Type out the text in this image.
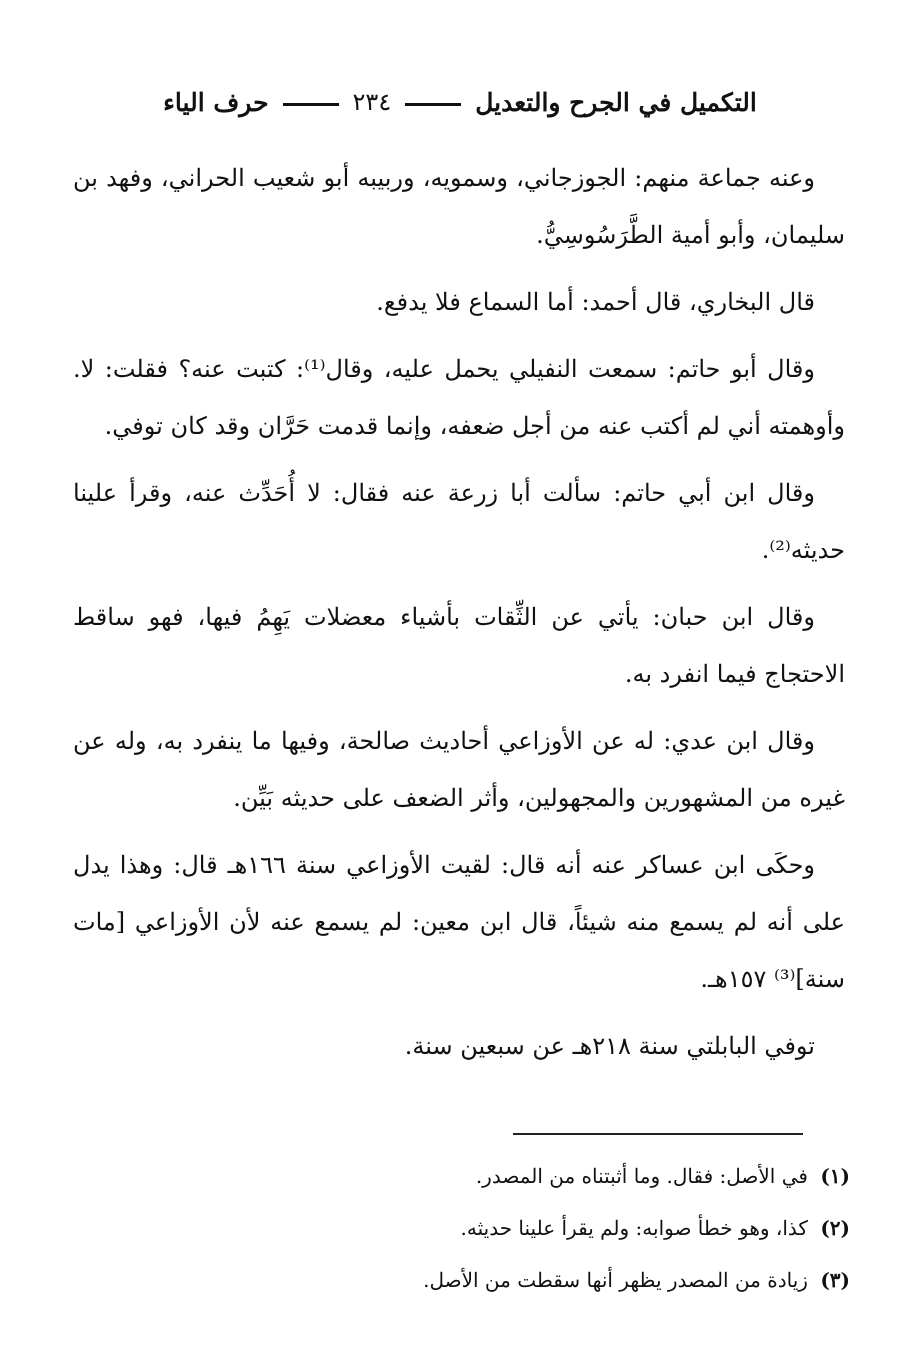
التكميل في الجرح والتعديل
٢٣٤
حرف الياء

وعنه جماعة منهم: الجوزجاني، وسمويه، وربيبه أبو شعيب الحراني، وفهد بن سليمان، وأبو أمية الطَّرَسُوسِيُّ.

قال البخاري، قال أحمد: أما السماع فلا يدفع.

وقال أبو حاتم: سمعت النفيلي يحمل عليه، وقال⁽¹⁾: كتبت عنه؟ فقلت: لا. وأوهمته أني لم أكتب عنه من أجل ضعفه، وإنما قدمت حَرَّان وقد كان توفي.

وقال ابن أبي حاتم: سألت أبا زرعة عنه فقال: لا أُحَدِّث عنه، وقرأ علينا حديثه⁽²⁾.

وقال ابن حبان: يأتي عن الثِّقات بأشياء معضلات يَهِمُ فيها، فهو ساقط الاحتجاج فيما انفرد به.

وقال ابن عدي: له عن الأوزاعي أحاديث صالحة، وفيها ما ينفرد به، وله عن غيره من المشهورين والمجهولين، وأثر الضعف على حديثه بَيِّن.

وحكَى ابن عساكر عنه أنه قال: لقيت الأوزاعي سنة ١٦٦هـ قال: وهذا يدل على أنه لم يسمع منه شيئاً، قال ابن معين: لم يسمع عنه لأن الأوزاعي [مات سنة]⁽³⁾ ١٥٧هـ.

توفي البابلتي سنة ٢١٨هـ عن سبعين سنة.

(١) في الأصل: فقال. وما أثبتناه من المصدر.

(٢) كذا، وهو خطأ صوابه: ولم يقرأ علينا حديثه.

(٣) زيادة من المصدر يظهر أنها سقطت من الأصل.
